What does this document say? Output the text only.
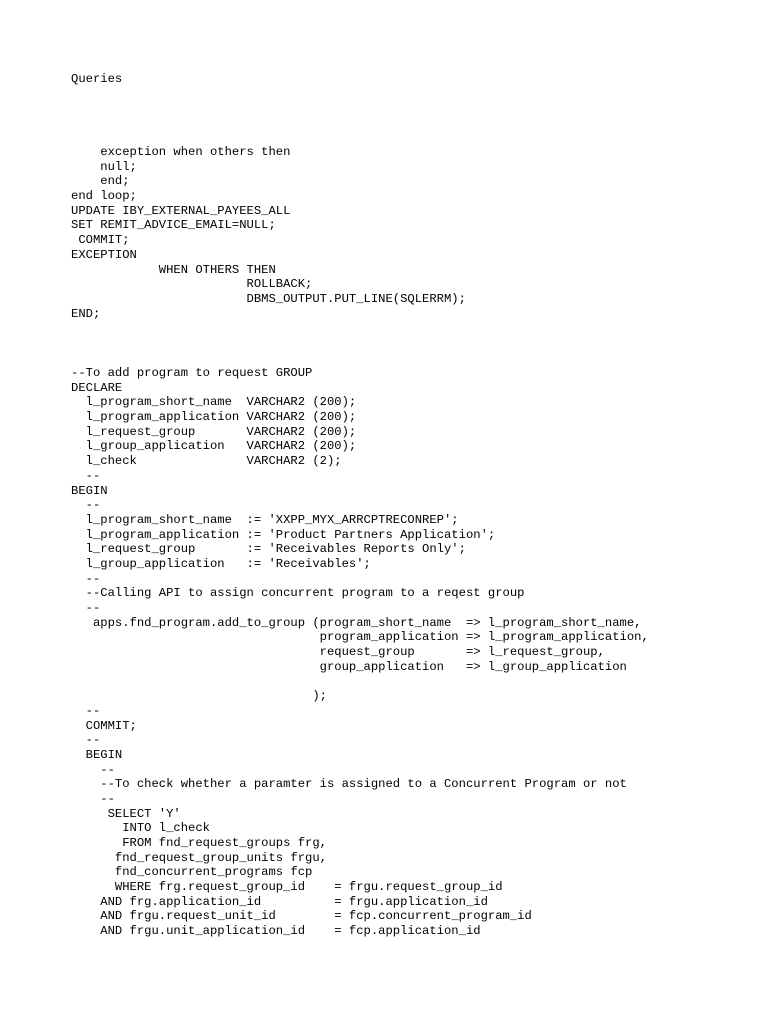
Queries
exception when others then
null;
end;
end loop;
UPDATE IBY_EXTERNAL_PAYEES_ALL
SET REMIT_ADVICE_EMAIL=NULL;
COMMIT;
EXCEPTION
WHEN OTHERS THEN
ROLLBACK;
DBMS_OUTPUT.PUT_LINE(SQLERRM);
END;
--To add program to request GROUP
DECLARE
l_program_short_name  VARCHAR2 (200);
l_program_application VARCHAR2 (200);
l_request_group       VARCHAR2 (200);
l_group_application   VARCHAR2 (200);
l_check               VARCHAR2 (2);
--
BEGIN
--
l_program_short_name  := 'XXPP_MYX_ARRCPTRECONREP';
l_program_application := 'Product Partners Application';
l_request_group       := 'Receivables Reports Only';
l_group_application   := 'Receivables';
--
--Calling API to assign concurrent program to a reqest group
--
apps.fnd_program.add_to_group (program_short_name  => l_program_short_name,
program_application => l_program_application,
request_group       => l_request_group,
group_application   => l_group_application
);
--
COMMIT;
--
BEGIN
--
--To check whether a paramter is assigned to a Concurrent Program or not
--
SELECT 'Y'
INTO l_check
FROM fnd_request_groups frg,
fnd_request_group_units frgu,
fnd_concurrent_programs fcp
WHERE frg.request_group_id    = frgu.request_group_id
AND frg.application_id          = frgu.application_id
AND frgu.request_unit_id        = fcp.concurrent_program_id
AND frgu.unit_application_id    = fcp.application_id
